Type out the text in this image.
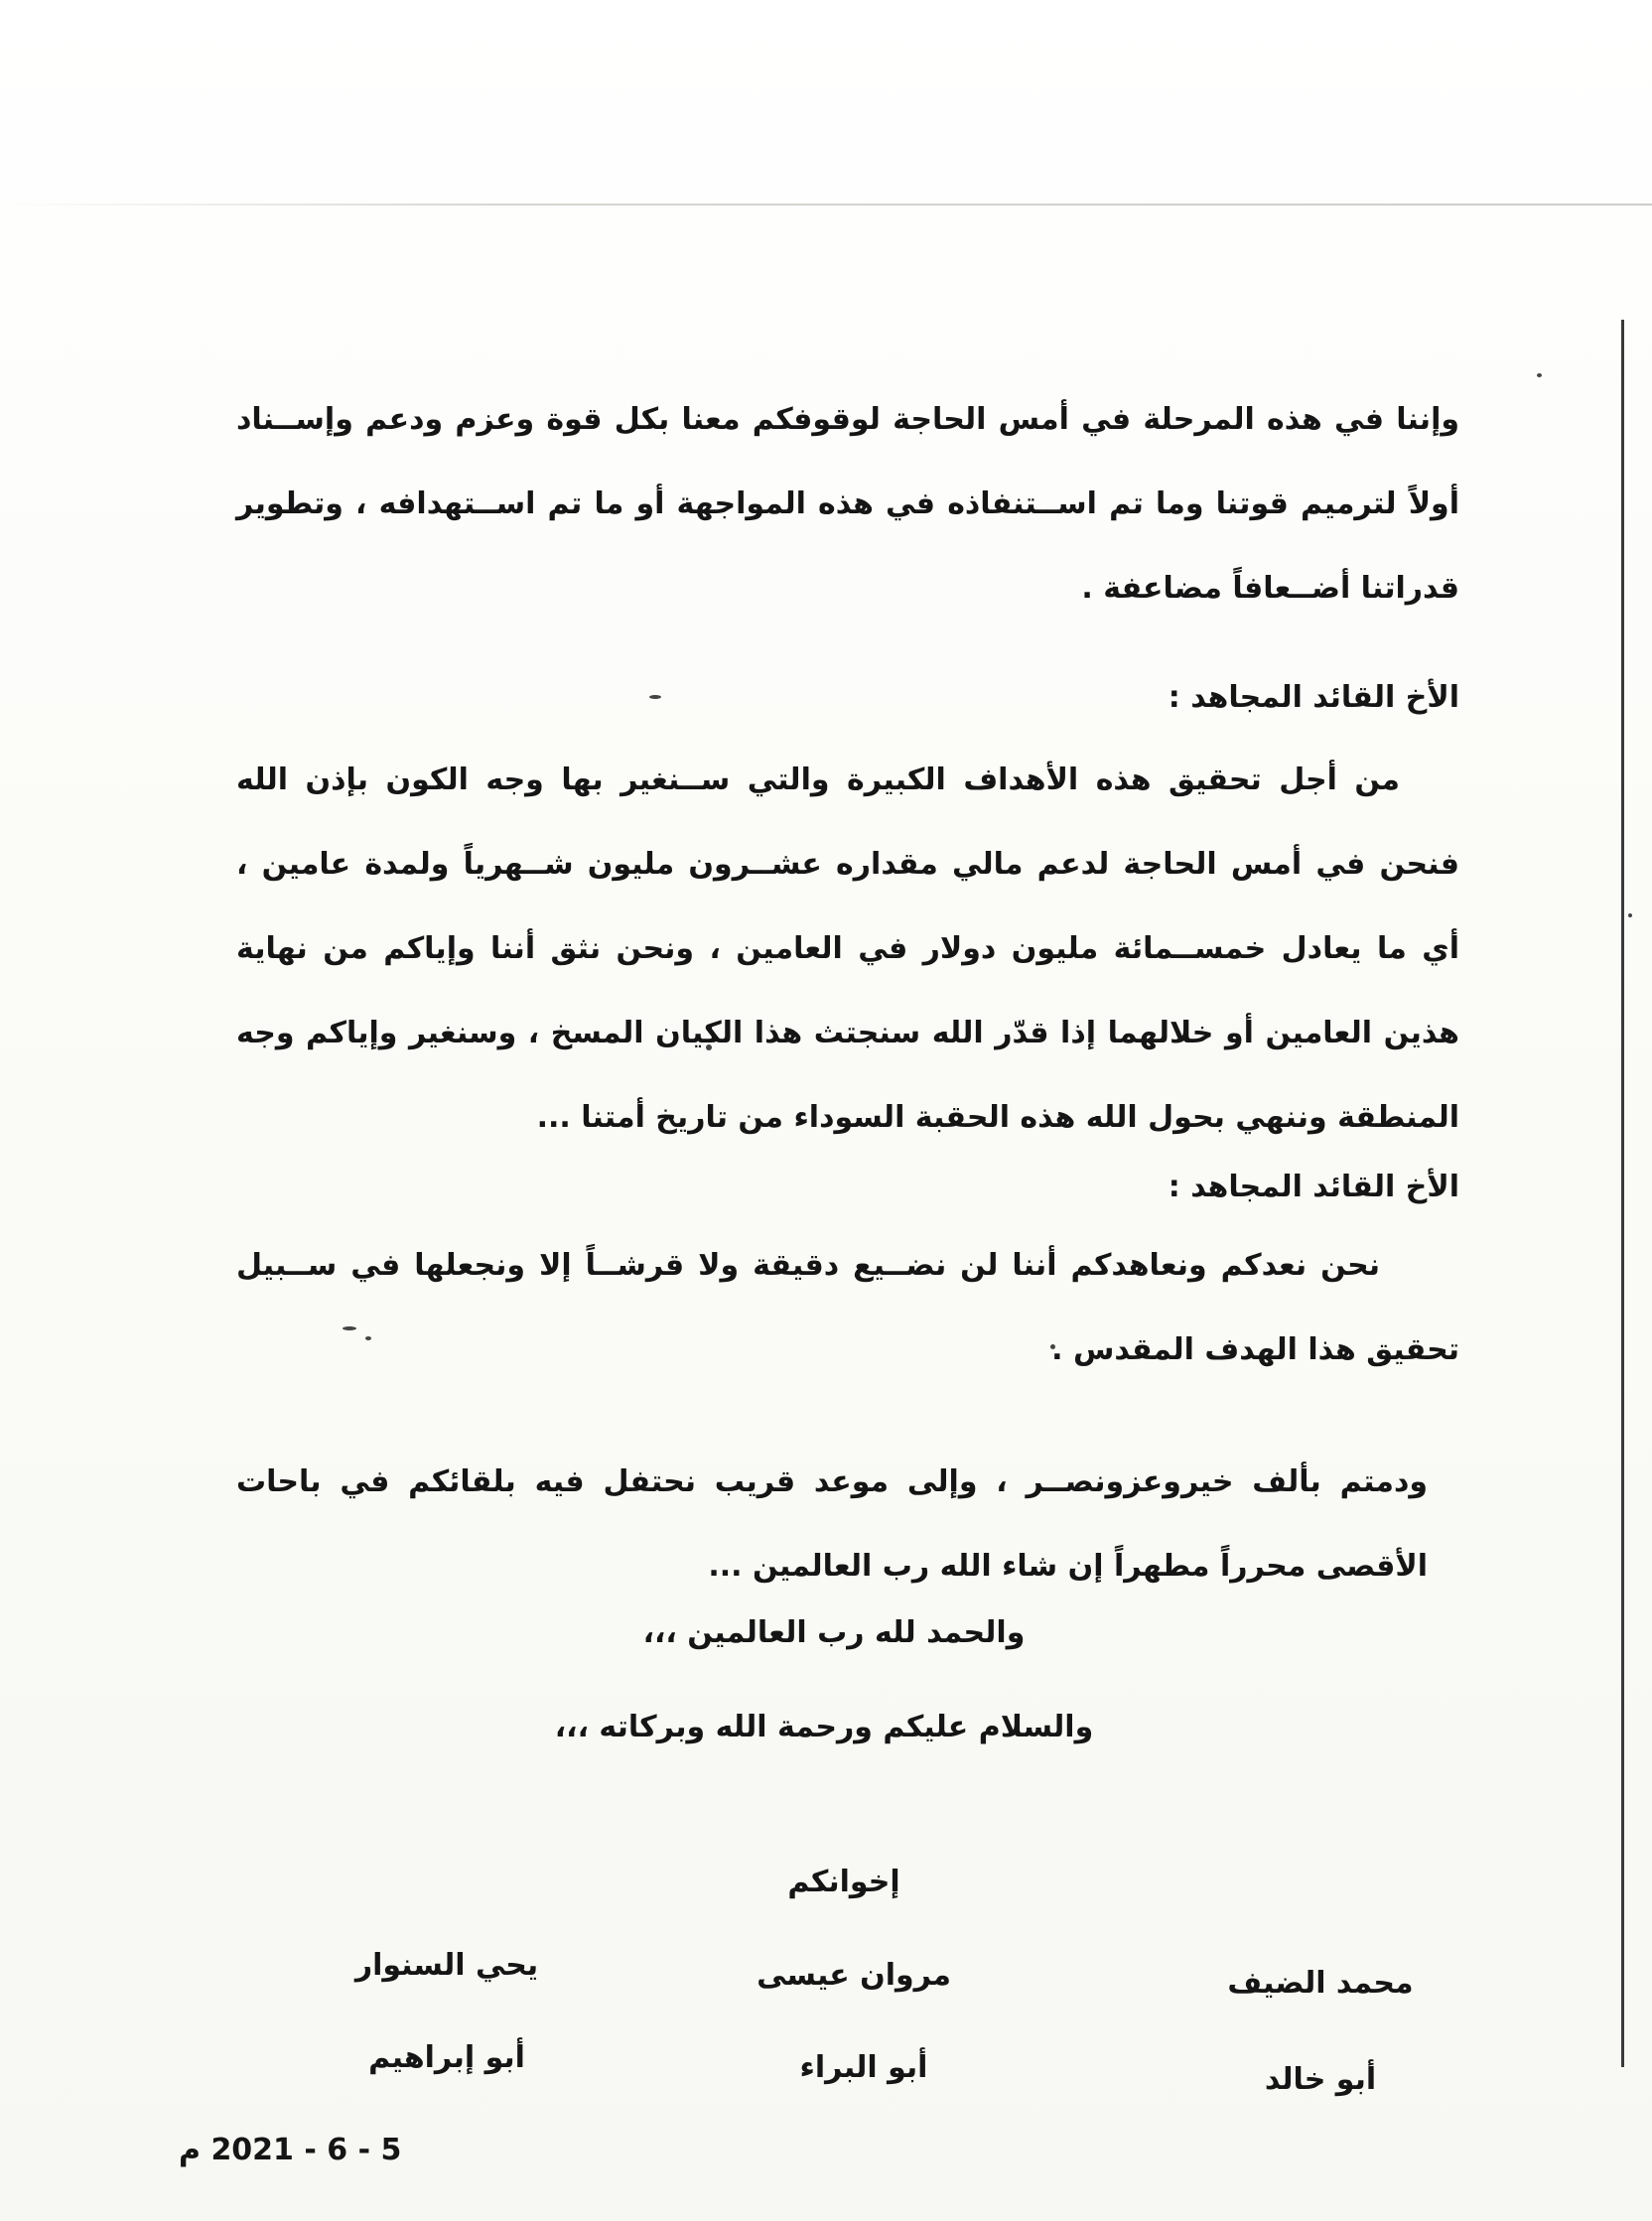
وإننا في هذه المرحلة في أمس الحاجة لوقوفكم معنا بكل قوة وعزم ودعم وإســناد أولاً لترميم قوتنا وما تم اســتنفاذه في هذه المواجهة أو ما تم اســتهدافه ، وتطوير قدراتنا أضــعافاً مضاعفة .
الأخ القائد المجاهد :
من أجل تحقيق هذه الأهداف الكبيرة والتي ســنغير بها وجه الكون بإذن الله فنحن في أمس الحاجة لدعم مالي مقداره عشــرون مليون شــهرياً ولمدة عامين ، أي ما يعادل خمســمائة مليون دولار في العامين ، ونحن نثق أننا وإياكم من نهاية هذين العامين أو خلالهما إذا قدّر الله سنجتث هذا الكيان المسخ ، وسنغير وإياكم وجه المنطقة وننهي بحول الله هذه الحقبة السوداء من تاريخ أمتنا ...
الأخ القائد المجاهد :
نحن نعدكم ونعاهدكم أننا لن نضــيع دقيقة ولا قرشــاً إلا ونجعلها في ســبيل تحقيق هذا الهدف المقدس .
ودمتم بألف خيروعزونصــر ، وإلى موعد قريب نحتفل فيه بلقائكم في باحات الأقصى محرراً مطهراً إن شاء الله رب العالمين ...
والحمد لله رب العالمين ،،،
والسلام عليكم ورحمة الله وبركاته ،،،
إخوانكم
محمد الضيف
أبو خالد
مروان عيسى
أبو البراء
يحي السنوار
أبو إبراهيم
5 - 6 - 2021 م
